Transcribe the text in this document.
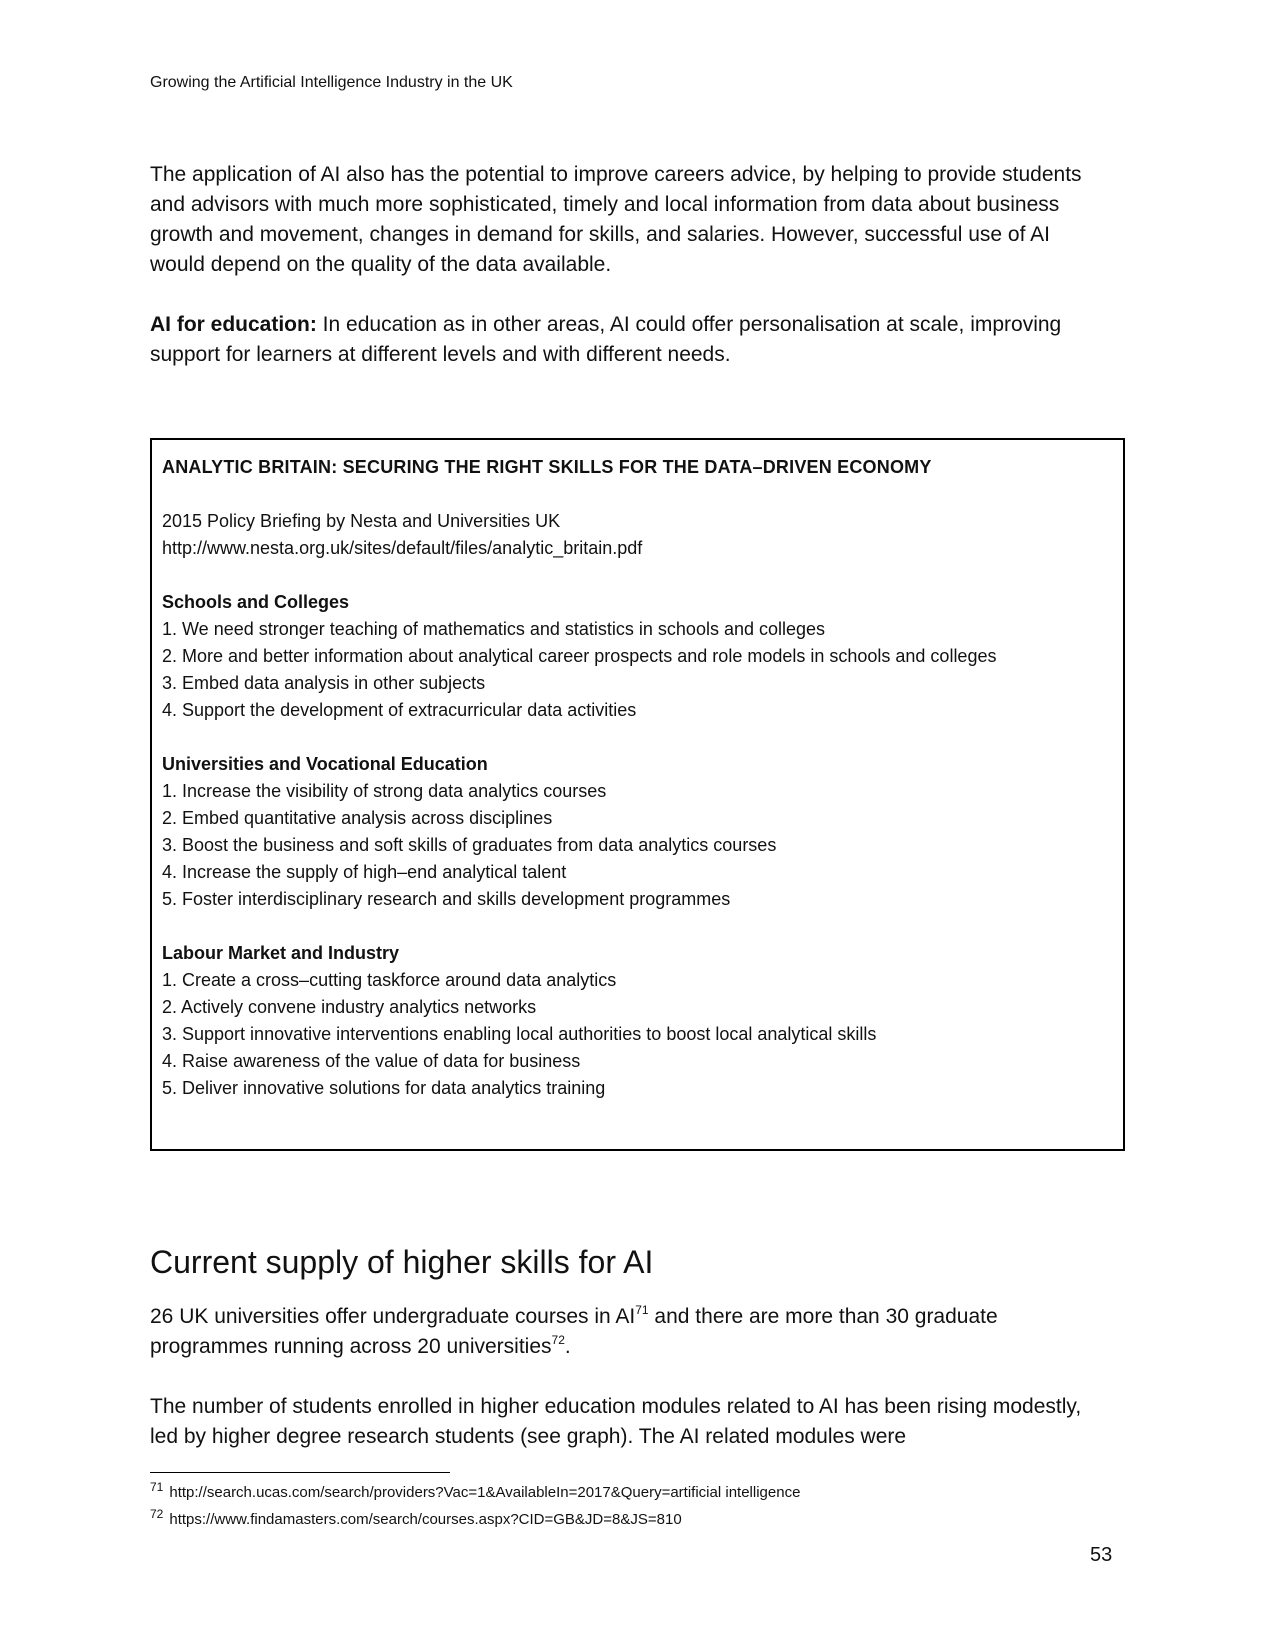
Growing the Artificial Intelligence Industry in the UK

The application of AI also has the potential to improve careers advice, by helping to provide students and advisors with much more sophisticated, timely and local information from data about business growth and movement, changes in demand for skills, and salaries. However, successful use of AI would depend on the quality of the data available.

AI for education: In education as in other areas, AI could offer personalisation at scale, improving support for learners at different levels and with different needs.

ANALYTIC BRITAIN: SECURING THE RIGHT SKILLS FOR THE DATA–DRIVEN ECONOMY

2015 Policy Briefing by Nesta and Universities UK

http://www.nesta.org.uk/sites/default/files/analytic_britain.pdf

Schools and Colleges

1. We need stronger teaching of mathematics and statistics in schools and colleges

2. More and better information about analytical career prospects and role models in schools and colleges

3. Embed data analysis in other subjects

4. Support the development of extracurricular data activities

Universities and Vocational Education

1. Increase the visibility of strong data analytics courses

2. Embed quantitative analysis across disciplines

3. Boost the business and soft skills of graduates from data analytics courses

4. Increase the supply of high–end analytical talent

5. Foster interdisciplinary research and skills development programmes

Labour Market and Industry

1. Create a cross–cutting taskforce around data analytics

2. Actively convene industry analytics networks

3. Support innovative interventions enabling local authorities to boost local analytical skills

4. Raise awareness of the value of data for business

5. Deliver innovative solutions for data analytics training

Current supply of higher skills for AI

26 UK universities offer undergraduate courses in AI$^{71}$ and there are more than 30 graduate programmes running across 20 universities$^{72}$.

The number of students enrolled in higher education modules related to AI has been rising modestly, led by higher degree research students (see graph). The AI related modules were

$^{71}$ http://search.ucas.com/search/providers?Vac=1&AvailableIn=2017&Query=artificial intelligence
$^{72}$ https://www.findamasters.com/search/courses.aspx?CID=GB&JD=8&JS=810
53
